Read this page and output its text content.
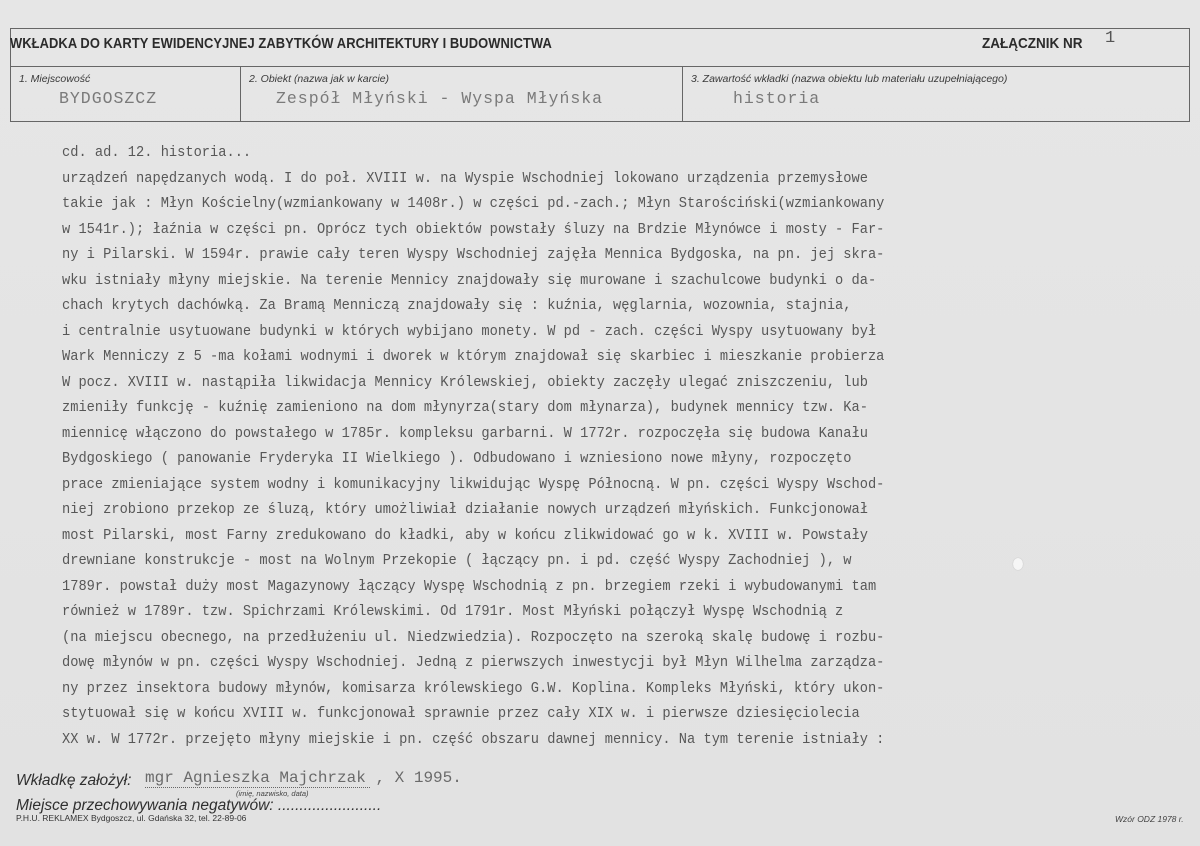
WKŁADKA DO KARTY EWIDENCYJNEJ ZABYTKÓW ARCHITEKTURY I BUDOWNICTWA	ZAŁĄCZNIK NR 1
1. Miejscowość
BYDGOSZCZ
2. Obiekt (nazwa jak w karcie)
Zespół Młyński - Wyspa Młyńska
3. Zawartość wkładki (nazwa obiektu lub materiału uzupełniającego)
historia
cd. ad. 12. historia...
urządzeń napędzanych wodą. I do poł. XVIII w. na Wyspie Wschodniej lokowano urządzenia przemysłowe
takie jak : Młyn Kościelny(wzmiankowany w 1408r.) w części pd.-zach.; Młyn Starościński(wzmiankowany
w 1541r.); łaźnia w części pn. Oprócz tych obiektów powstały śluzy na Brdzie Młynówce i mosty - Far-
ny i Pilarski. W 1594r. prawie cały teren Wyspy Wschodniej zajęła Mennica Bydgoska, na pn. jej skra-
wku istniały młyny miejskie. Na terenie Mennicy znajdowały się murowane i szachulcowe budynki o da-
chach krytych dachówką. Za Bramą Menniczą znajdowały się : kuźnia, węglarnia, wozownia, stajnia,
i centralnie usytuowane budynki w których wybijano monety. W pd - zach. części Wyspy usytuowany był
Wark Menniczy z 5 -ma kołami wodnymi i dworek w którym znajdował się skarbiec i mieszkanie probierza
W pocz. XVIII w. nastąpiła likwidacja Mennicy Królewskiej, obiekty zaczęły ulegać zniszczeniu, lub
zmieniły funkcję - kuźnię zamieniono na dom młynyrza(stary dom młynarza), budynek mennicy tzw. Ka-
miennicę włączono do powstałego w 1785r. kompleksu garbarni. W 1772r. rozpoczęła się budowa Kanału
Bydgoskiego ( panowanie Fryderyka II Wielkiego ). Odbudowano i wzniesiono nowe młyny, rozpoczęto
prace zmieniające system wodny i komunikacyjny likwidując Wyspę Północną. W pn. części Wyspy Wschod-
niej zrobiono przekop ze śluzą, który umożliwiał działanie nowych urządzeń młyńskich. Funkcjonował
most Pilarski, most Farny zredukowano do kładki, aby w końcu zlikwidować go w k. XVIII w. Powstały
drewniane konstrukcje - most na Wolnym Przekopie ( łączący pn. i pd. część Wyspy Zachodniej ), w
1789r. powstał duży most Magazynowy łączący Wyspę Wschodnią z pn. brzegiem rzeki i wybudowanymi tam
również w 1789r. tzw. Spichrzami Królewskimi. Od 1791r. Most Młyński połączył Wyspę Wschodnią z
(na miejscu obecnego, na przedłużeniu ul. Niedzwiedzia). Rozpoczęto na szeroką skalę budowę i rozbu-
dowę młynów w pn. części Wyspy Wschodniej. Jedną z pierwszych inwestycji był Młyn Wilhelma zarządza-
ny przez insektora budowy młynów, komisarza królewskiego G.W. Koplina. Kompleks Młyński, który ukon-
stytuował się w końcu XVIII w. funkcjonował sprawnie przez cały XIX w. i pierwsze dziesięciolecia
XX w. W 1772r. przejęto młyny miejskie i pn. część obszaru dawnej mennicy. Na tym terenie istniały :
Wkładkę założył: mgr Agnieszka Majchrzak , X 1995.
(imię, nazwisko, data)
Miejsce przechowywania negatywów: ........................
P.H.U. REKLAMEX Bydgoszcz, ul. Gdańska 32, tel. 22-89-06	Wzór ODZ 1978 r.
